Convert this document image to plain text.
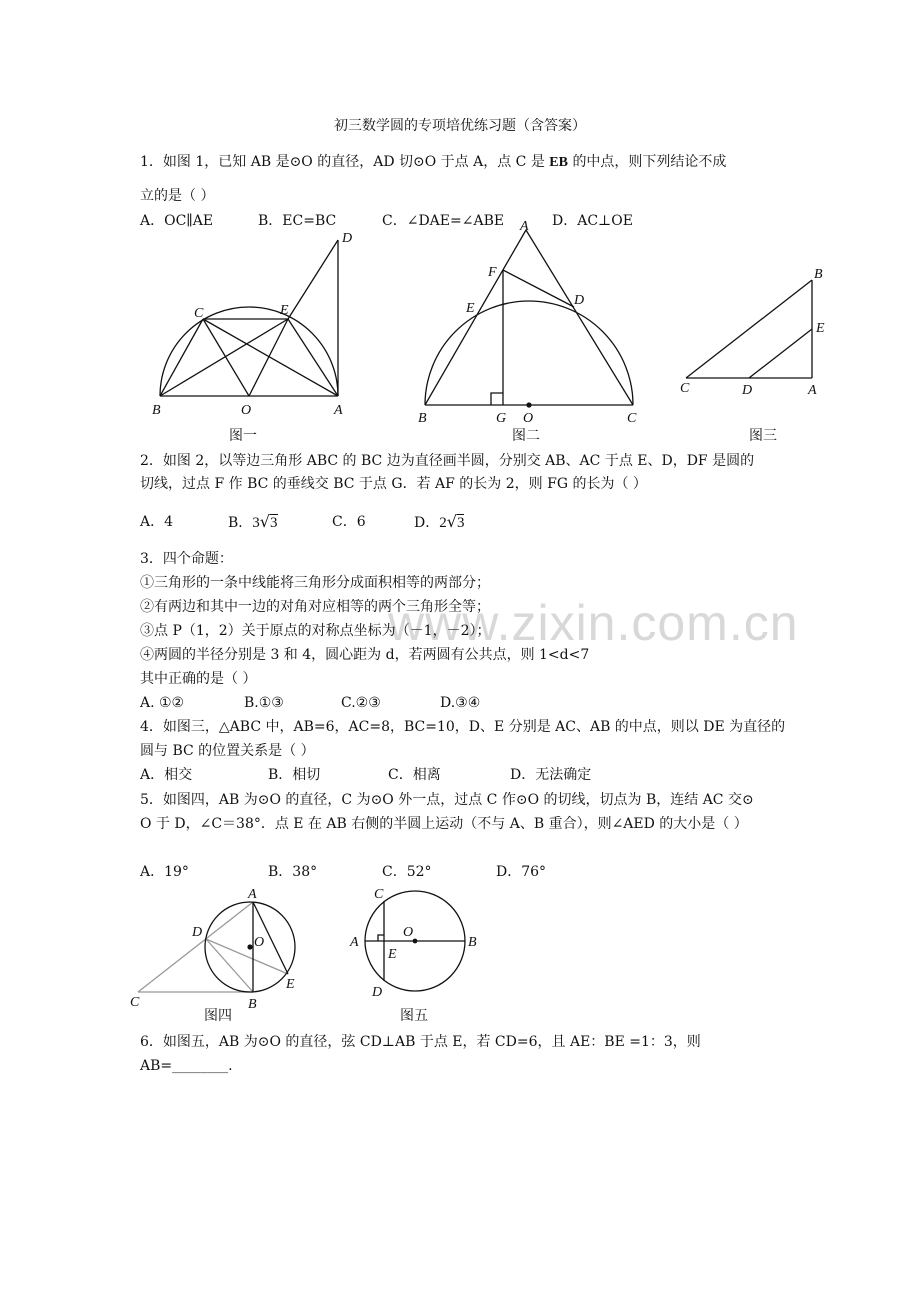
初三数学圆的专项培优练习题（含答案）
1．如图 1，已知 AB 是⊙O 的直径，AD 切⊙O 于点 A，点 C 是 EB 的中点，则下列结论不成
立的是（ ）
A．OC∥AE	B．EC=BC	C．∠DAE=∠ABE	D．AC⊥OE
D
C	E
B	O	A
图一
A
F
D
E
B	G O	C
图二
B
E
C	D	A
图三
2．如图 2，以等边三角形 ABC 的 BC 边为直径画半圆，分别交 AB、AC 于点 E、D，DF 是圆的
切线，过点 F 作 BC 的垂线交 BC 于点 G．若 AF 的长为 2，则 FG 的长为（ ）
A．4	B．3√3	C．6	D．2√3
www.zixin.com.cn
3．四个命题：
①三角形的一条中线能将三角形分成面积相等的两部分；
②有两边和其中一边的对角对应相等的两个三角形全等；
③点 P（1，2）关于原点的对称点坐标为（－1，－2）；
④两圆的半径分别是 3 和 4，圆心距为 d，若两圆有公共点，则 1<d<7
其中正确的是（ ）
A. ①②	B.①③	C.②③	D.③④
4．如图三，△ABC 中，AB=6，AC=8，BC=10，D、E 分别是 AC、AB 的中点，则以 DE 为直径的
圆与 BC 的位置关系是（ ）
A．相交	B．相切	C．相离	D．无法确定
5．如图四，AB 为⊙O 的直径，C 为⊙O 外一点，过点 C 作⊙O 的切线，切点为 B，连结 AC 交⊙
O 于 D，∠C＝38°．点 E 在 AB 右侧的半圆上运动（不与 A、B 重合），则∠AED 的大小是（ ）
A．19°	B．38°	C．52°	D．76°
A
D
O
E
C	B
图四
C
A
O
B
E
D
图五
6．如图五，AB 为⊙O 的直径，弦 CD⊥AB 于点 E，若 CD=6，且 AE：BE =1：3，则
AB=________.
